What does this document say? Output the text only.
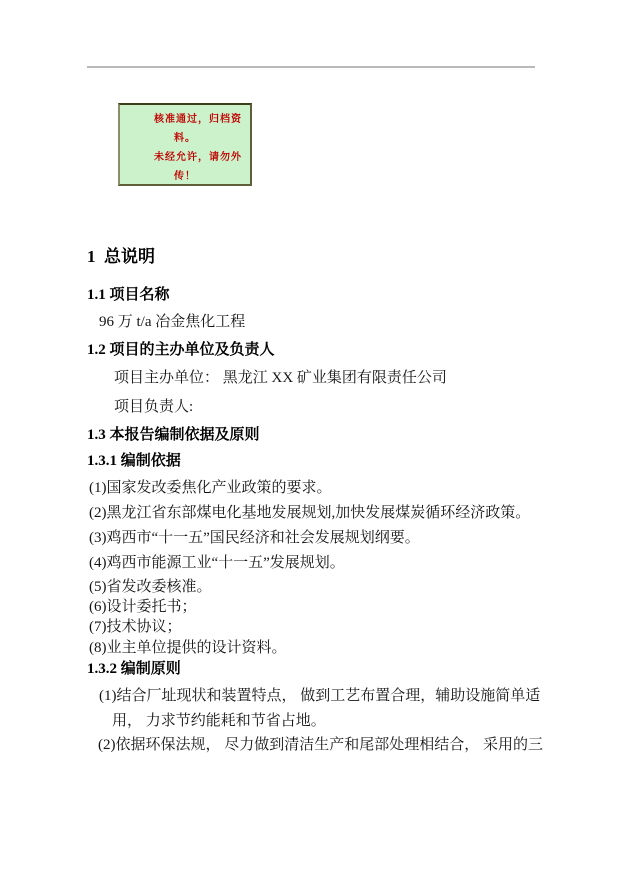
核准通过，归档资
料。
未经允许，请勿外
传！
1  总说明
1.1 项目名称
96 万 t/a 冶金焦化工程
1.2 项目的主办单位及负责人
项目主办单位： 黑龙江 XX 矿业集团有限责任公司
项目负责人:
1.3 本报告编制依据及原则
1.3.1 编制依据
(1)国家发改委焦化产业政策的要求。
(2)黑龙江省东部煤电化基地发展规划,加快发展煤炭循环经济政策。
(3)鸡西市“十一五”国民经济和社会发展规划纲要。
(4)鸡西市能源工业“十一五”发展规划。
(5)省发改委核准。
(6)设计委托书；
(7)技术协议；
(8)业主单位提供的设计资料。
1.3.2 编制原则
(1)结合厂址现状和装置特点， 做到工艺布置合理，辅助设施简单适
用， 力求节约能耗和节省占地。
(2)依据环保法规， 尽力做到清洁生产和尾部处理相结合， 采用的三
